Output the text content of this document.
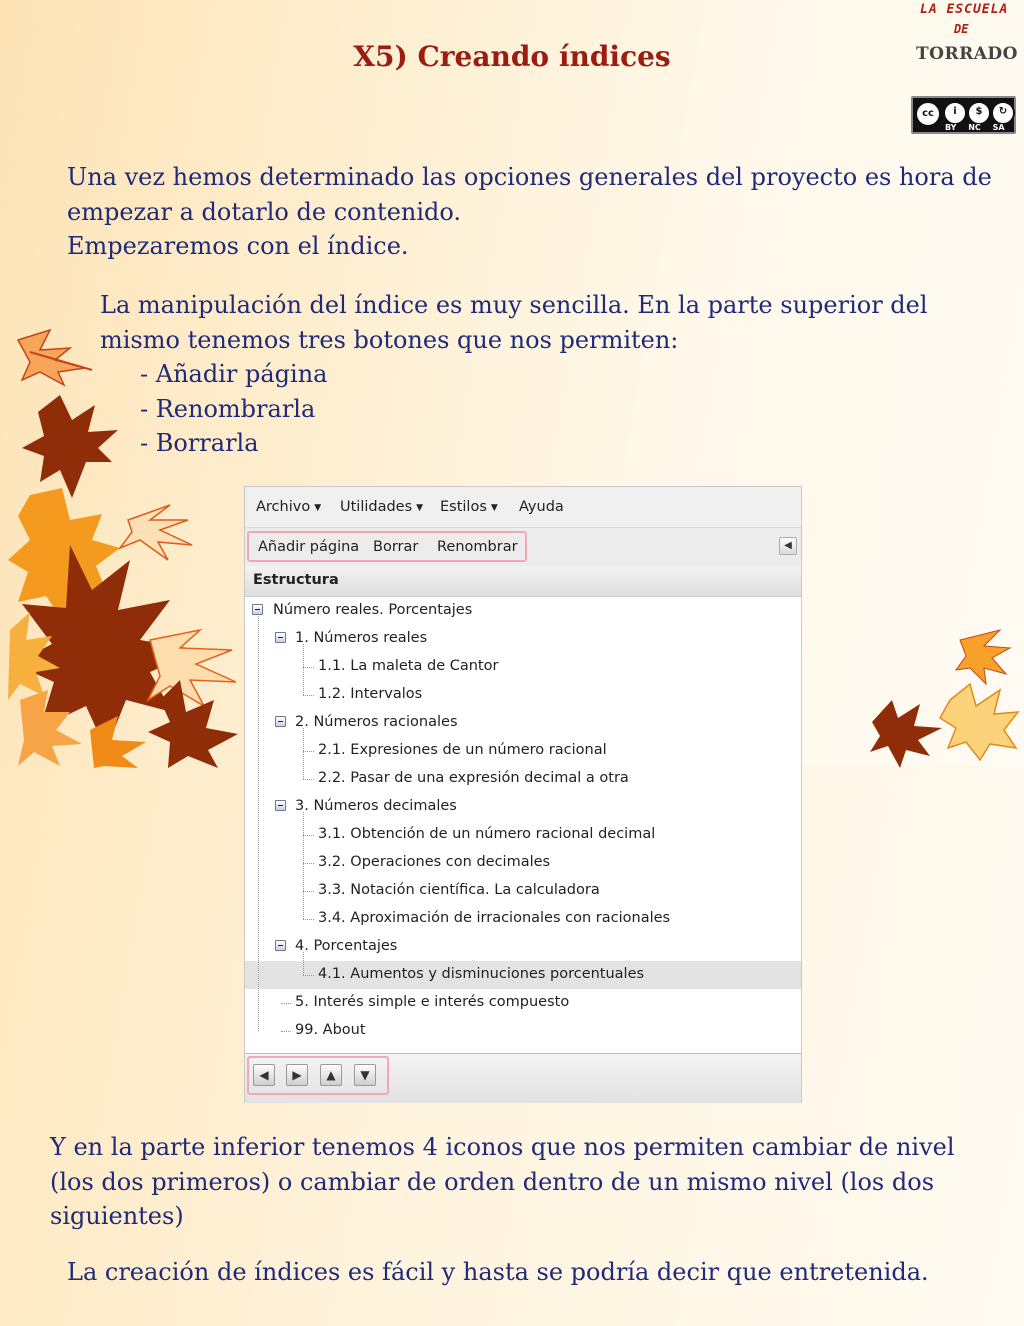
X5) Creando índices
LA ESCUELA
DE
TORRADO
cc	i	$	↻
BY NC SA

Una vez hemos determinado las opciones generales del proyecto es hora de empezar a dotarlo de contenido.
Empezaremos con el índice.

La manipulación del índice es muy sencilla. En la parte superior del mismo tenemos tres botones que nos permiten:
- Añadir página
- Renombrarla
- Borrarla

Archivo ▼ Utilidades ▼ Estilos ▼ Ayuda
Añadir página Borrar Renombrar	◀
Estructura
Número reales. Porcentajes
1. Números reales
1.1. La maleta de Cantor
1.2. Intervalos
2. Números racionales
2.1. Expresiones de un número racional
2.2. Pasar de una expresión decimal a otra
3. Números decimales
3.1. Obtención de un número racional decimal
3.2. Operaciones con decimales
3.3. Notación científica. La calculadora
3.4. Aproximación de irracionales con racionales
4. Porcentajes
4.1. Aumentos y disminuciones porcentuales
5. Interés simple e interés compuesto
99. About
◀	▶	▲	▼

Y en la parte inferior tenemos 4 iconos que nos permiten cambiar de nivel (los dos primeros) o cambiar de orden dentro de un mismo nivel (los dos siguientes)

La creación de índices es fácil y hasta se podría decir que entretenida.
